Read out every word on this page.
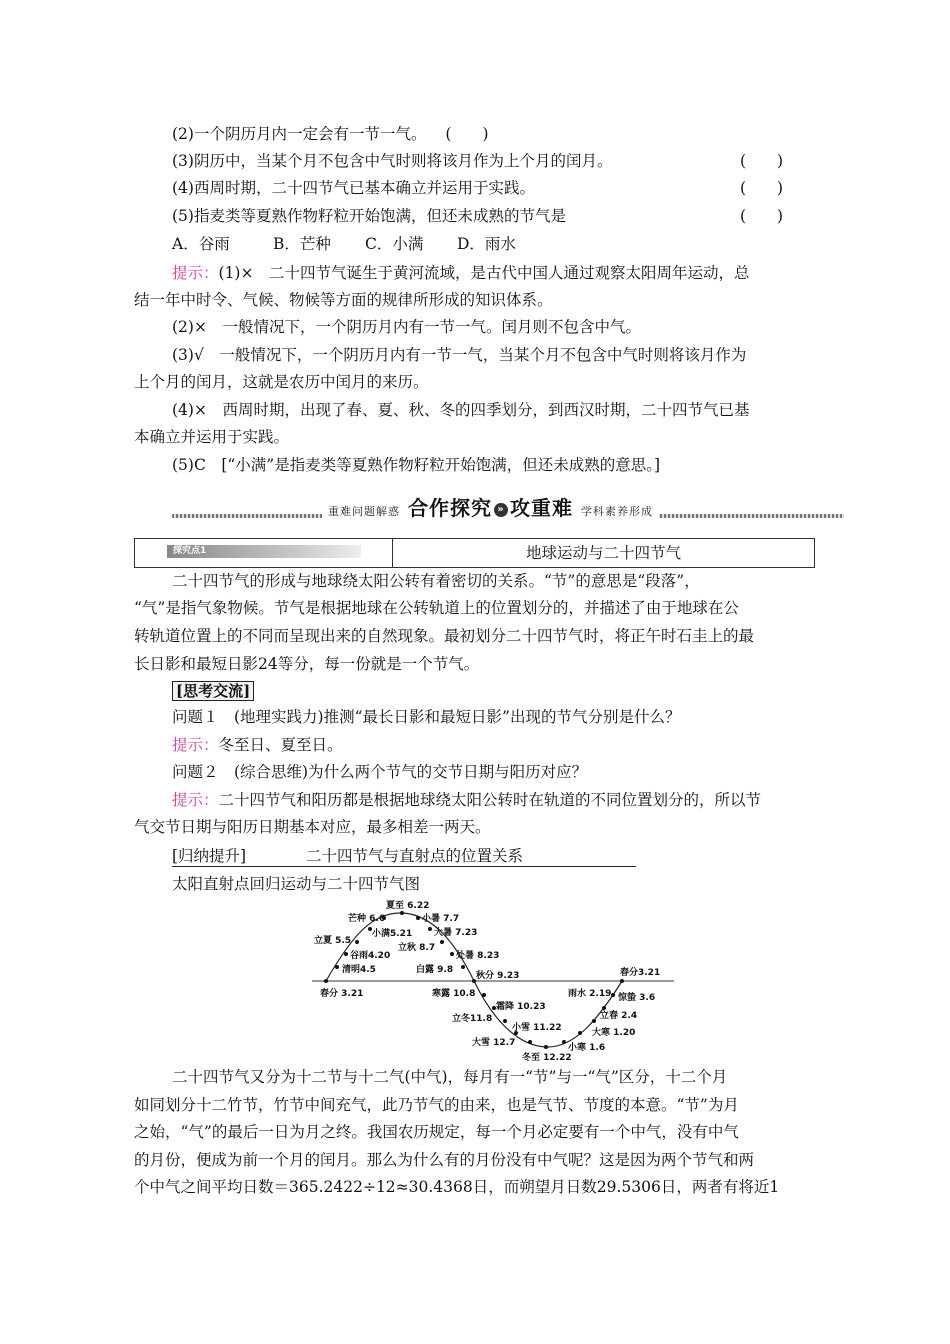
(2)一个阴历月内一定会有一节一气。 (　　)
(3)阴历中，当某个月不包含中气时则将该月作为上个月的闰月。	(　　)
(4)西周时期，二十四节气已基本确立并运用于实践。	(　　)
(5)指麦类等夏熟作物籽粒开始饱满，但还未成熟的节气是	(　　)
A．谷雨	B．芒种 C．小满 D．雨水
提示：(1)×　二十四节气诞生于黄河流域，是古代中国人通过观察太阳周年运动，总
结一年中时令、气候、物候等方面的规律所形成的知识体系。
(2)×　一般情况下，一个阴历月内有一节一气。闰月则不包含中气。
(3)√　一般情况下，一个阴历月内有一节一气，当某个月不包含中气时则将该月作为
上个月的闰月，这就是农历中闰月的来历。
(4)×　西周时期，出现了春、夏、秋、冬的四季划分，到西汉时期，二十四节气已基
本确立并运用于实践。
(5)C　[“小满”是指麦类等夏熟作物籽粒开始饱满，但还未成熟的意思。]
重难问题解惑 合作探究 » 攻重难 学科素养形成
探究点1	地球运动与二十四节气
二十四节气的形成与地球绕太阳公转有着密切的关系。“节”的意思是“段落”，
“气”是指气象物候。节气是根据地球在公转轨道上的位置划分的，并描述了由于地球在公
转轨道位置上的不同而呈现出来的自然现象。最初划分二十四节气时，将正午时石圭上的最
长日影和最短日影24等分，每一份就是一个节气。
[思考交流]
问题１　(地理实践力)推测“最长日影和最短日影”出现的节气分别是什么？
提示：冬至日、夏至日。
问题２　(综合思维)为什么两个节气的交节日期与阳历对应？
提示：二十四节气和阳历都是根据地球绕太阳公转时在轨道的不同位置划分的，所以节
气交节日期与阳历日期基本对应，最多相差一两天。
[归纳提升]	二十四节气与直射点的位置关系
太阳直射点回归运动与二十四节气图
夏至 6.22
芒种 6.6	小暑 7.7
小满5.21 大暑 7.23
立夏 5.5
立秋 8.7
谷雨4.20	处暑 8.23
清明4.5	白露 9.8
秋分 9.23
春分 3.21
春分3.21
寒露 10.8
霜降 10.23
雨水 2.19 惊蛰 3.6
立冬11.8
小雪 11.22
立春 2.4
大寒 1.20
大雪 12.7	小寒 1.6
冬至 12.22
二十四节气又分为十二节与十二气(中气)，每月有一“节”与一“气”区分，十二个月
如同划分十二竹节，竹节中间充气，此乃节气的由来，也是气节、节度的本意。“节”为月
之始，“气”的最后一日为月之终。我国农历规定，每一个月必定要有一个中气，没有中气
的月份，便成为前一个月的闰月。那么为什么有的月份没有中气呢？这是因为两个节气和两
个中气之间平均日数＝365.2422÷12≈30.4368日，而朔望月日数29.5306日，两者有将近1
